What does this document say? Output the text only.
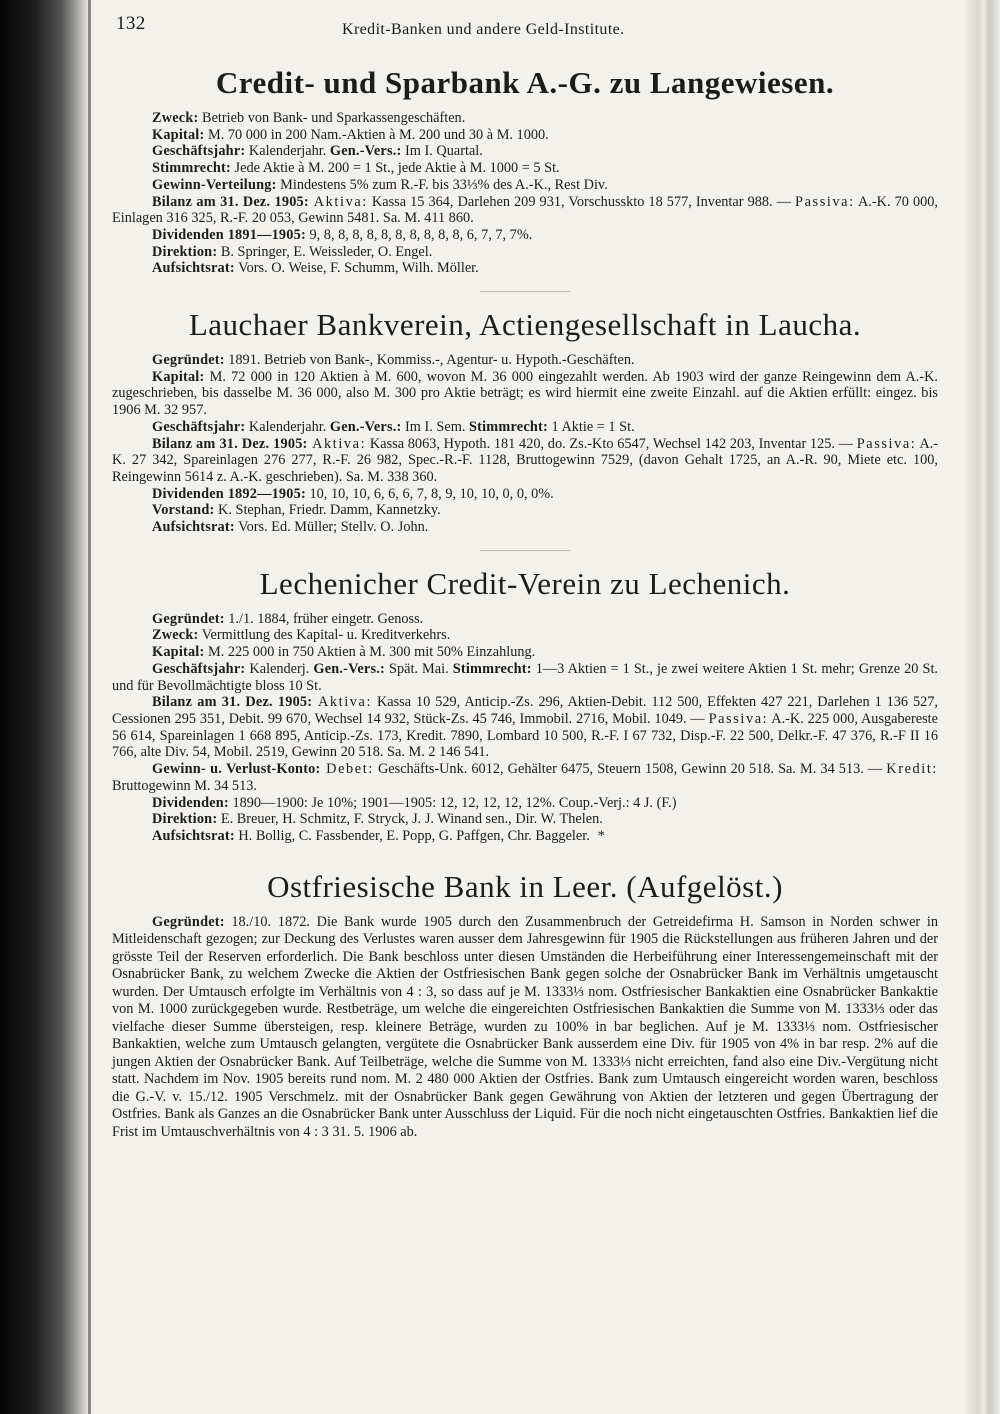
132	Kredit-Banken und andere Geld-Institute.
Credit- und Sparbank A.-G. zu Langewiesen.

Zweck: Betrieb von Bank- und Sparkassengeschäften.

Kapital: M. 70 000 in 200 Nam.-Aktien à M. 200 und 30 à M. 1000.

Geschäftsjahr: Kalenderjahr. Gen.-Vers.: Im I. Quartal.

Stimmrecht: Jede Aktie à M. 200 = 1 St., jede Aktie à M. 1000 = 5 St.

Gewinn-Verteilung: Mindestens 5% zum R.-F. bis 33⅓% des A.-K., Rest Div.

Bilanz am 31. Dez. 1905: Aktiva: Kassa 15 364, Darlehen 209 931, Vorschusskto 18 577, Inventar 988. — Passiva: A.-K. 70 000, Einlagen 316 325, R.-F. 20 053, Gewinn 5481. Sa. M. 411 860.

Dividenden 1891—1905: 9, 8, 8, 8, 8, 8, 8, 8, 8, 8, 8, 6, 7, 7, 7%.

Direktion: B. Springer, E. Weissleder, O. Engel.

Aufsichtsrat: Vors. O. Weise, F. Schumm, Wilh. Möller.

Lauchaer Bankverein, Actiengesellschaft in Laucha.

Gegründet: 1891. Betrieb von Bank-, Kommiss.-, Agentur- u. Hypoth.-Geschäften.

Kapital: M. 72 000 in 120 Aktien à M. 600, wovon M. 36 000 eingezahlt werden. Ab 1903 wird der ganze Reingewinn dem A.-K. zugeschrieben, bis dasselbe M. 36 000, also M. 300 pro Aktie beträgt; es wird hiermit eine zweite Einzahl. auf die Aktien erfüllt: eingez. bis 1906 M. 32 957.

Geschäftsjahr: Kalenderjahr. Gen.-Vers.: Im I. Sem. Stimmrecht: 1 Aktie = 1 St.

Bilanz am 31. Dez. 1905: Aktiva: Kassa 8063, Hypoth. 181 420, do. Zs.-Kto 6547, Wechsel 142 203, Inventar 125. — Passiva: A.-K. 27 342, Spareinlagen 276 277, R.-F. 26 982, Spec.-R.-F. 1128, Bruttogewinn 7529, (davon Gehalt 1725, an A.-R. 90, Miete etc. 100, Reingewinn 5614 z. A.-K. geschrieben). Sa. M. 338 360.

Dividenden 1892—1905: 10, 10, 10, 6, 6, 6, 7, 8, 9, 10, 10, 0, 0, 0%.

Vorstand: K. Stephan, Friedr. Damm, Kannetzky.

Aufsichtsrat: Vors. Ed. Müller; Stellv. O. John.

Lechenicher Credit-Verein zu Lechenich.

Gegründet: 1./1. 1884, früher eingetr. Genoss.

Zweck: Vermittlung des Kapital- u. Kreditverkehrs.

Kapital: M. 225 000 in 750 Aktien à M. 300 mit 50% Einzahlung.

Geschäftsjahr: Kalenderj. Gen.-Vers.: Spät. Mai. Stimmrecht: 1—3 Aktien = 1 St., je zwei weitere Aktien 1 St. mehr; Grenze 20 St. und für Bevollmächtigte bloss 10 St.

Bilanz am 31. Dez. 1905: Aktiva: Kassa 10 529, Anticip.-Zs. 296, Aktien-Debit. 112 500, Effekten 427 221, Darlehen 1 136 527, Cessionen 295 351, Debit. 99 670, Wechsel 14 932, Stück-Zs. 45 746, Immobil. 2716, Mobil. 1049. — Passiva: A.-K. 225 000, Ausgabereste 56 614, Spareinlagen 1 668 895, Anticip.-Zs. 173, Kredit. 7890, Lombard 10 500, R.-F. I 67 732, Disp.-F. 22 500, Delkr.-F. 47 376, R.-F II 16 766, alte Div. 54, Mobil. 2519, Gewinn 20 518. Sa. M. 2 146 541.

Gewinn- u. Verlust-Konto: Debet: Geschäfts-Unk. 6012, Gehälter 6475, Steuern 1508, Gewinn 20 518. Sa. M. 34 513. — Kredit: Bruttogewinn M. 34 513.

Dividenden: 1890—1900: Je 10%; 1901—1905: 12, 12, 12, 12, 12%. Coup.-Verj.: 4 J. (F.)

Direktion: E. Breuer, H. Schmitz, F. Stryck, J. J. Winand sen., Dir. W. Thelen.

Aufsichtsrat: H. Bollig, C. Fassbender, E. Popp, G. Paffgen, Chr. Baggeler. *

Ostfriesische Bank in Leer. (Aufgelöst.)

Gegründet: 18./10. 1872. Die Bank wurde 1905 durch den Zusammenbruch der Getreidefirma H. Samson in Norden schwer in Mitleidenschaft gezogen; zur Deckung des Verlustes waren ausser dem Jahresgewinn für 1905 die Rückstellungen aus früheren Jahren und der grösste Teil der Reserven erforderlich. Die Bank beschloss unter diesen Umständen die Herbeiführung einer Interessengemeinschaft mit der Osnabrücker Bank, zu welchem Zwecke die Aktien der Ostfriesischen Bank gegen solche der Osnabrücker Bank im Verhältnis umgetauscht wurden. Der Umtausch erfolgte im Verhältnis von 4 : 3, so dass auf je M. 1333⅓ nom. Ostfriesischer Bankaktien eine Osnabrücker Bankaktie von M. 1000 zurückgegeben wurde. Restbeträge, um welche die eingereichten Ostfriesischen Bankaktien die Summe von M. 1333⅓ oder das vielfache dieser Summe übersteigen, resp. kleinere Beträge, wurden zu 100% in bar beglichen. Auf je M. 1333⅓ nom. Ostfriesischer Bankaktien, welche zum Umtausch gelangten, vergütete die Osnabrücker Bank ausserdem eine Div. für 1905 von 4% in bar resp. 2% auf die jungen Aktien der Osnabrücker Bank. Auf Teilbeträge, welche die Summe von M. 1333⅓ nicht erreichten, fand also eine Div.-Vergütung nicht statt. Nachdem im Nov. 1905 bereits rund nom. M. 2 480 000 Aktien der Ostfries. Bank zum Umtausch eingereicht worden waren, beschloss die G.-V. v. 15./12. 1905 Verschmelz. mit der Osnabrücker Bank gegen Gewährung von Aktien der letzteren und gegen Übertragung der Ostfries. Bank als Ganzes an die Osnabrücker Bank unter Ausschluss der Liquid. Für die noch nicht eingetauschten Ostfries. Bankaktien lief die Frist im Umtauschverhältnis von 4 : 3 31. 5. 1906 ab.
